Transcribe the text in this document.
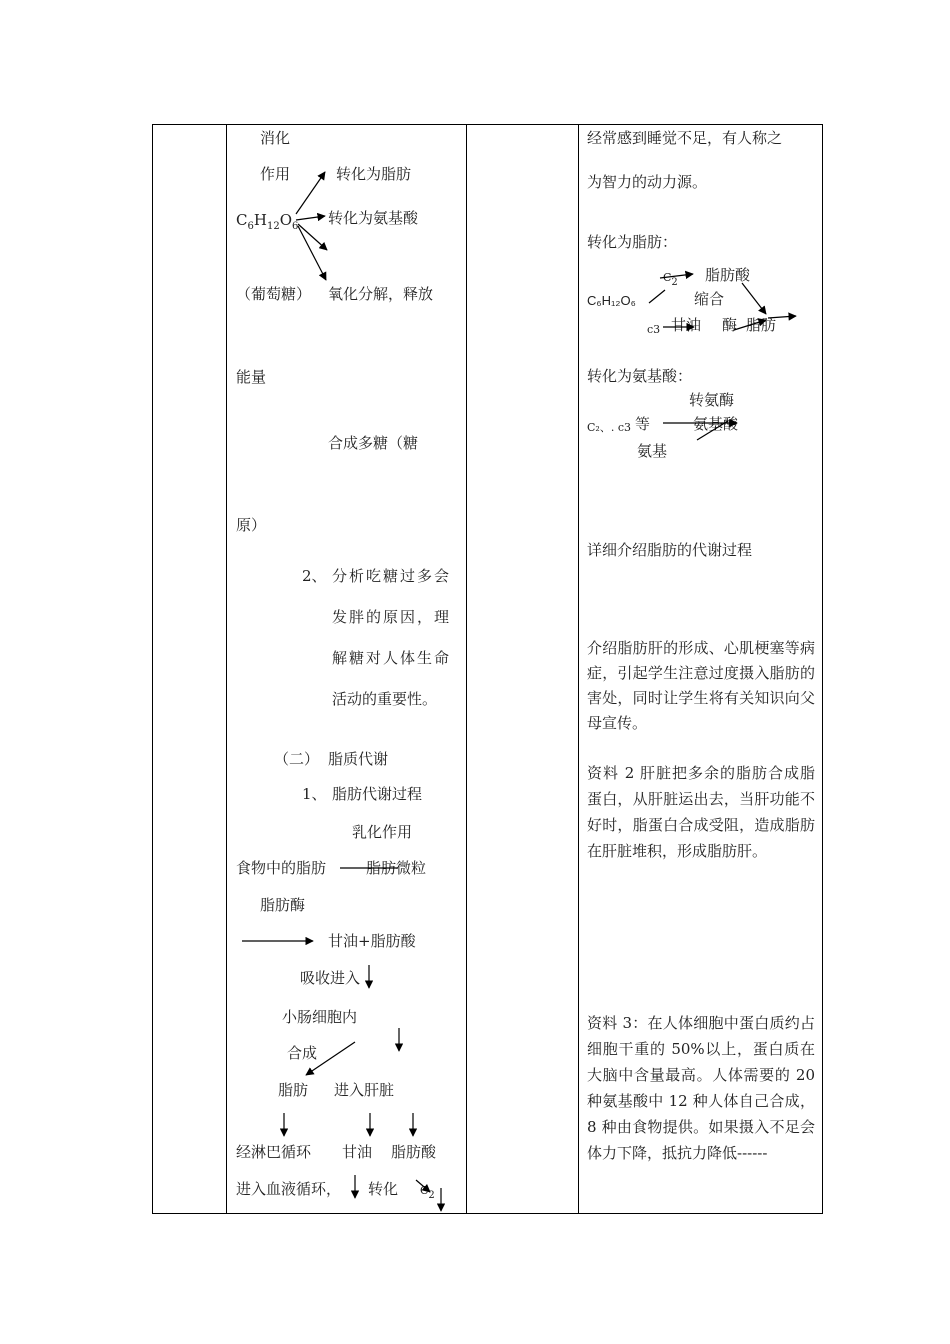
消化
作用	转化为脂肪
$C_6H_{12}O_6$ 转化为氨基酸
（葡萄糖） 氧化分解，释放
能量
合成多糖（糖
原）
2、 分析吃糖过多会
发胖的原因，理
解糖对人体生命
活动的重要性。
（二） 脂质代谢
1、 脂肪代谢过程
乳化作用
食物中的脂肪	脂肪微粒
脂肪酶
甘油+脂肪酸
吸收进入
小肠细胞内
合成
脂肪 进入肝脏
经淋巴循环 甘油 脂肪酸
进入血液循环， 转化 $C_2$
经常感到睡觉不足，有人称之
为智力的动力源。
转化为脂肪：
$C_2$ 脂肪酸
C₆H₁₂O₆	缩合
c3 甘油 酶 脂肪
转化为氨基酸：
转氨酶
C₂、. c3 等	氨基酸
氨基
详细介绍脂肪的代谢过程
介绍脂肪肝的形成、心肌梗塞等病症，引起学生注意过度摄入脂肪的害处，同时让学生将有关知识向父母宣传。
资料 2 肝脏把多余的脂肪合成脂蛋白，从肝脏运出去，当肝功能不好时，脂蛋白合成受阻，造成脂肪在肝脏堆积，形成脂肪肝。
资料 3：在人体细胞中蛋白质约占细胞干重的 50%以上，蛋白质在大脑中含量最高。人体需要的 20 种氨基酸中 12 种人体自己合成，8 种由食物提供。如果摄入不足会体力下降，抵抗力降低------
